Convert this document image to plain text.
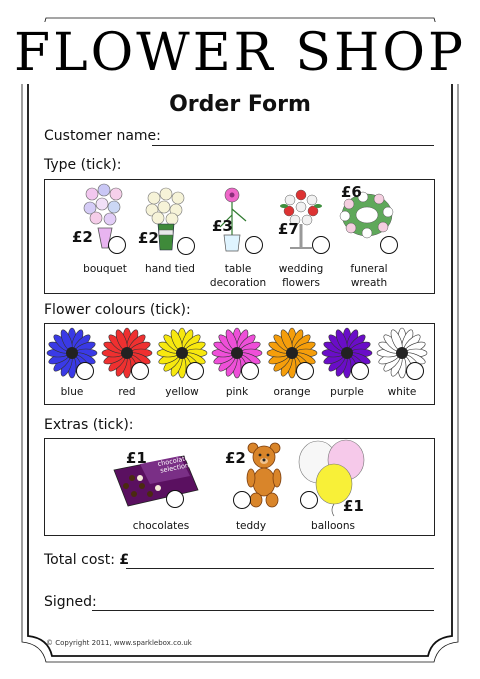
FLOWER SHOP
Order Form
Customer name:
Type (tick):
£2
bouquet
£2
hand tied
£3
table decoration
£7
wedding flowers
£6
funeral wreath
Flower colours (tick):
blue	red	yellow	pink	orange	purple	white
Extras (tick):
chocolate selection
£1
chocolates
£2
teddy
£1
balloons
Total cost: £
Signed:
© Copyright 2011, www.sparklebox.co.uk
